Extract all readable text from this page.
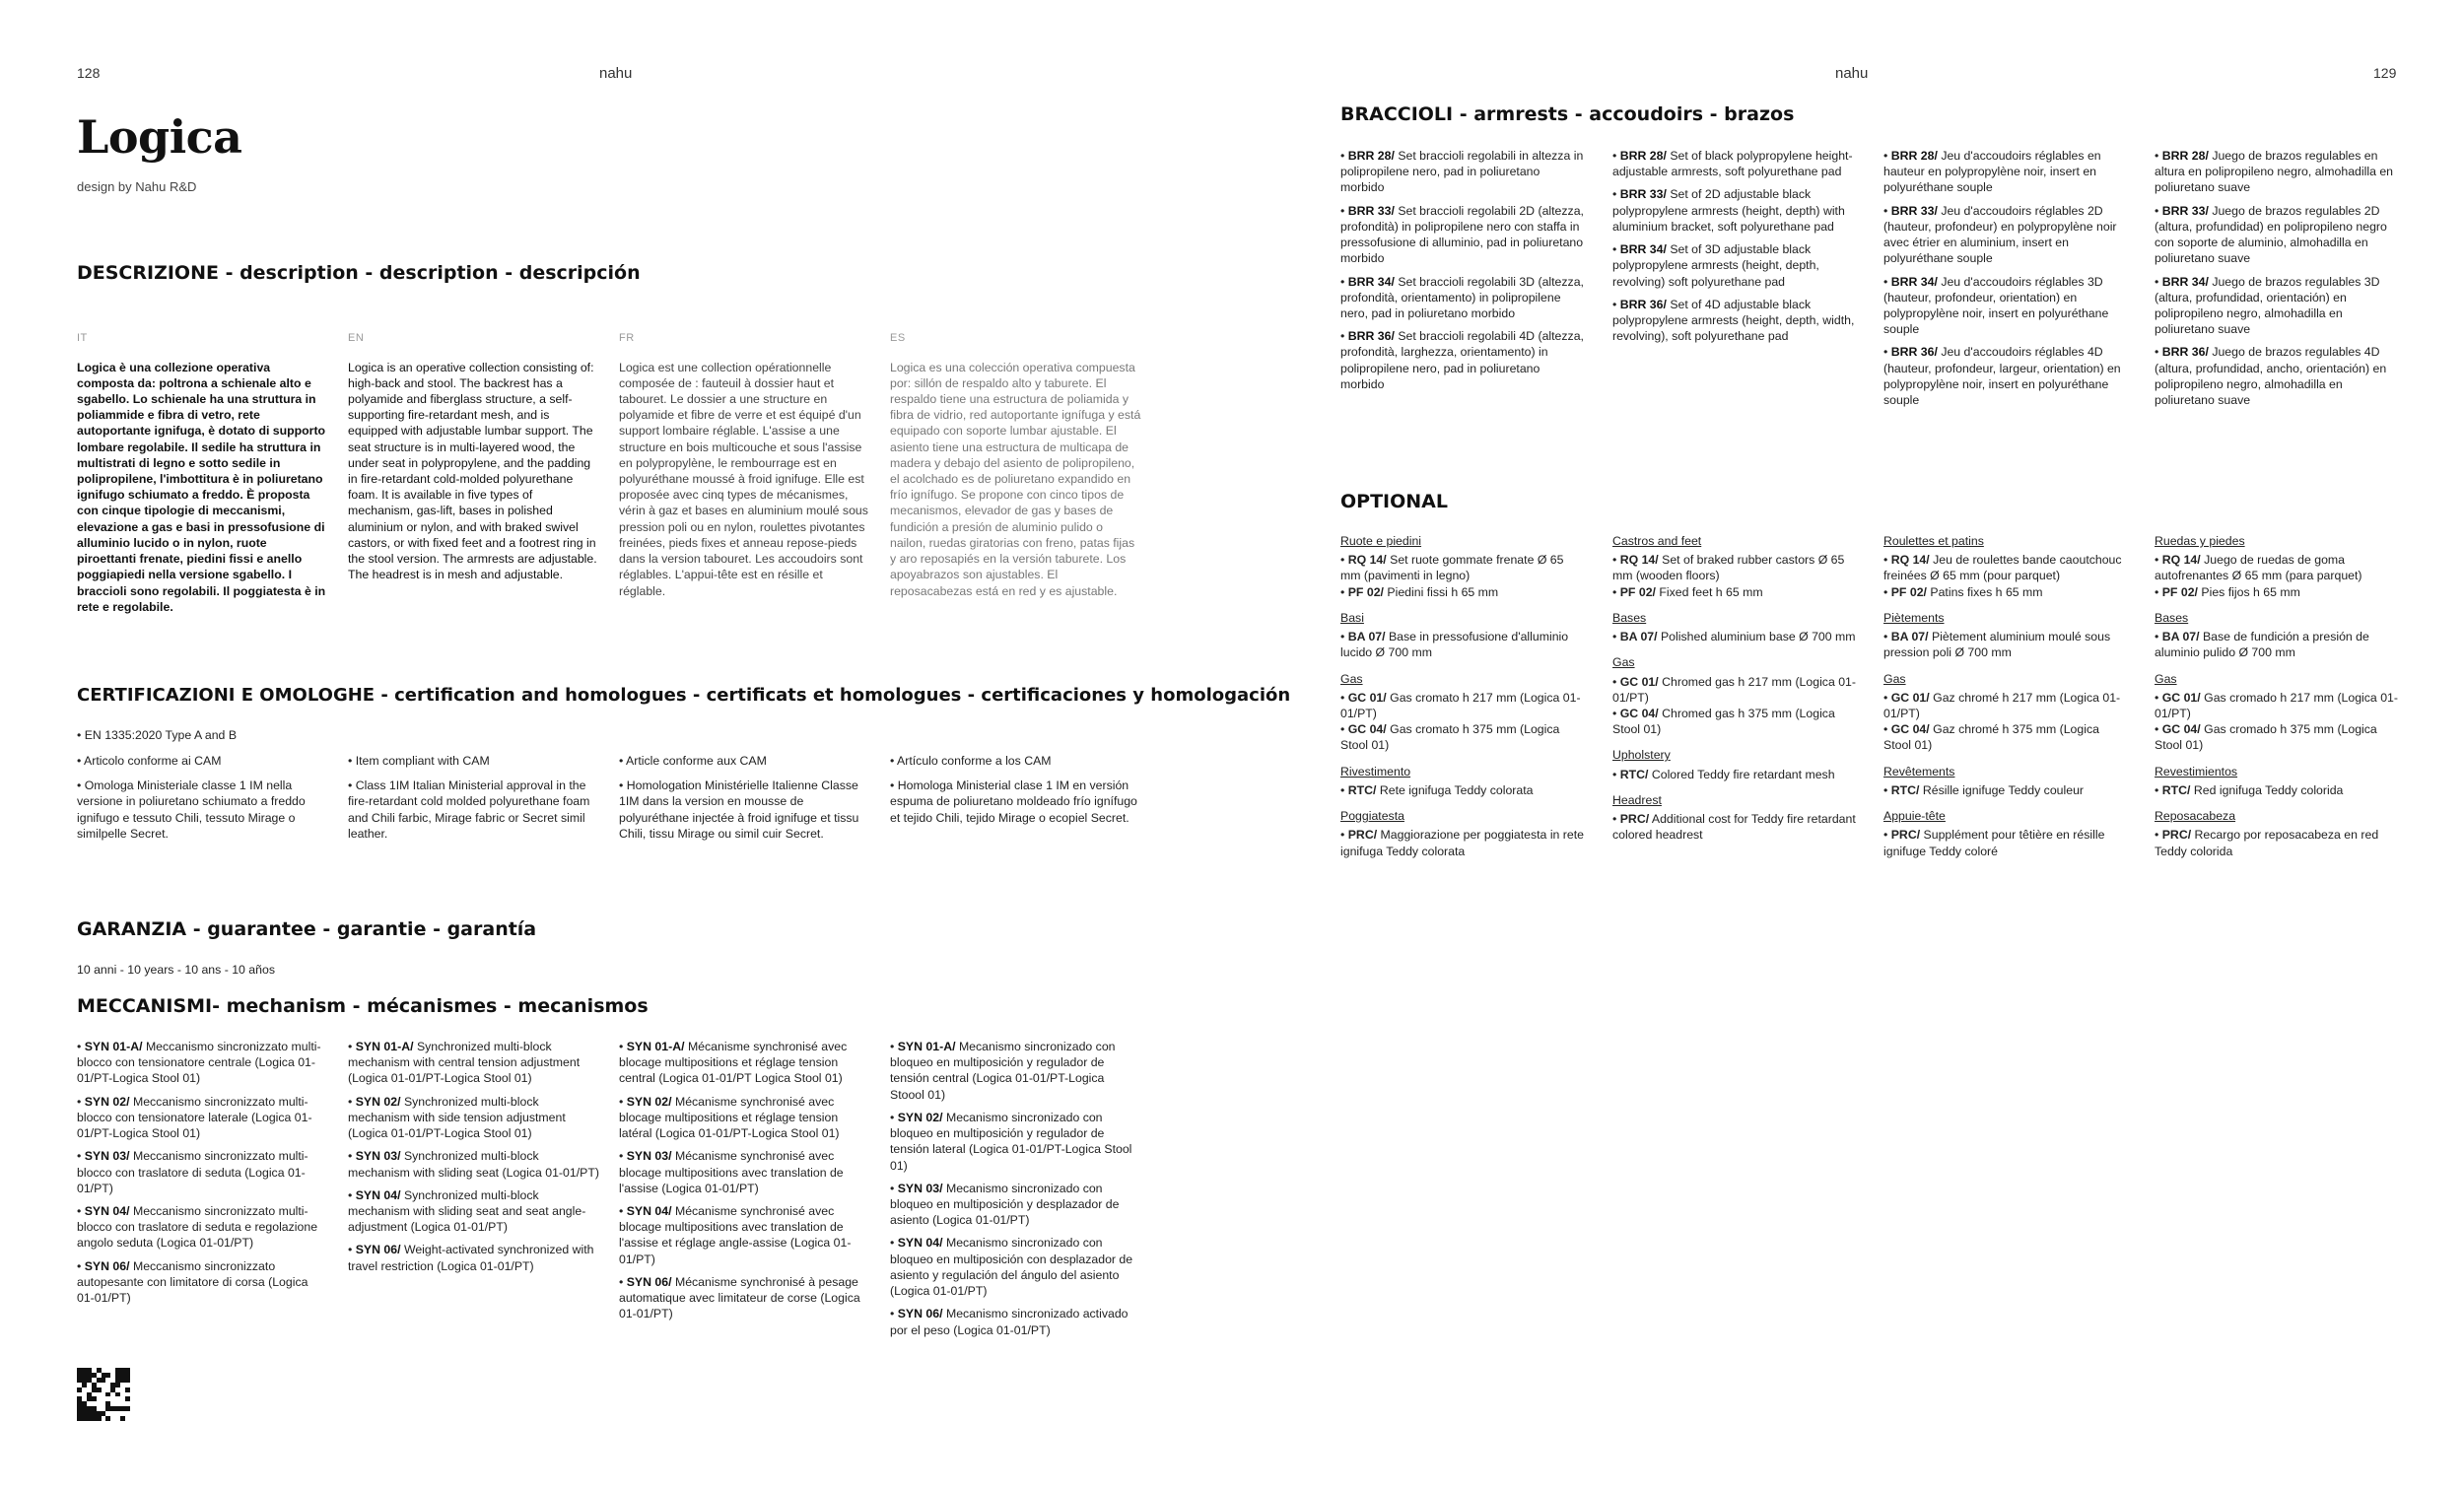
128	nahu	nahu	129
Logica
design by Nahu R&D
DESCRIZIONE - description - description - descripción
IT
Logica è una collezione operativa composta da: poltrona a schienale alto e sgabello. Lo schienale ha una struttura in poliammide e fibra di vetro, rete autoportante ignifuga, è dotato di supporto lombare regolabile. Il sedile ha struttura in multistrati di legno e sotto sedile in polipropilene, l'imbottitura è in poliuretano ignifugo schiumato a freddo. È proposta con cinque tipologie di meccanismi, elevazione a gas e basi in pressofusione di alluminio lucido o in nylon, ruote piroettanti frenate, piedini fissi e anello poggiapiedi nella versione sgabello. I braccioli sono regolabili. Il poggiatesta è in rete e regolabile.
EN
Logica is an operative collection consisting of: high-back and stool. The backrest has a polyamide and fiberglass structure, a self-supporting fire-retardant mesh, and is equipped with adjustable lumbar support. The seat structure is in multi-layered wood, the under seat in polypropylene, and the padding in fire-retardant cold-molded polyurethane foam. It is available in five types of mechanism, gas-lift, bases in polished aluminium or nylon, and with braked swivel castors, or with fixed feet and a footrest ring in the stool version. The armrests are adjustable. The headrest is in mesh and adjustable.
FR
Logica est une collection opérationnelle composée de : fauteuil à dossier haut et tabouret. Le dossier a une structure en polyamide et fibre de verre et est équipé d'un support lombaire réglable. L'assise a une structure en bois multicouche et sous l'assise en polypropylène, le rembourrage est en polyuréthane moussé à froid ignifuge. Elle est proposée avec cinq types de mécanismes, vérin à gaz et bases en aluminium moulé sous pression poli ou en nylon, roulettes pivotantes freinées, pieds fixes et anneau repose-pieds dans la version tabouret. Les accoudoirs sont réglables. L'appui-tête est en résille et réglable.
ES
Logica es una colección operativa compuesta por: sillón de respaldo alto y taburete. El respaldo tiene una estructura de poliamida y fibra de vidrio, red autoportante ignífuga y está equipado con soporte lumbar ajustable. El asiento tiene una estructura de multicapa de madera y debajo del asiento de polipropileno, el acolchado es de poliuretano expandido en frío ignífugo. Se propone con cinco tipos de mecanismos, elevador de gas y bases de fundición a presión de aluminio pulido o nailon, ruedas giratorias con freno, patas fijas y aro reposapiés en la versión taburete. Los apoyabrazos son ajustables. El reposacabezas está en red y es ajustable.
CERTIFICAZIONI E OMOLOGHE - certification and homologues - certificats et homologues - certificaciones y homologación
• EN 1335:2020 Type A and B

• Articolo conforme ai CAM

• Omologa Ministeriale classe 1 IM nella versione in poliuretano schiumato a freddo ignifugo e tessuto Chili, tessuto Mirage o similpelle Secret.

• Item compliant with CAM

• Class 1IM Italian Ministerial approval in the fire-retardant cold molded polyurethane foam and Chili farbic, Mirage fabric or Secret simil leather.

• Article conforme aux CAM

• Homologation Ministérielle Italienne Classe 1IM dans la version en mousse de polyuréthane injectée à froid ignifuge et tissu Chili, tissu Mirage ou simil cuir Secret.

• Artículo conforme a los CAM

• Homologa Ministerial clase 1 IM en versión espuma de poliuretano moldeado frío ignífugo et tejido Chili, tejido Mirage o ecopiel Secret.

GARANZIA - guarantee - garantie - garantía
10 anni - 10 years - 10 ans - 10 años
MECCANISMI- mechanism - mécanismes - mecanismos

• SYN 01-A/ Meccanismo sincronizzato multi-blocco con tensionatore centrale (Logica 01-01/PT-Logica Stool 01)

• SYN 02/ Meccanismo sincronizzato multi-blocco con tensionatore laterale (Logica 01-01/PT-Logica Stool 01)

• SYN 03/ Meccanismo sincronizzato multi-blocco con traslatore di seduta (Logica 01-01/PT)

• SYN 04/ Meccanismo sincronizzato multi-blocco con traslatore di seduta e regolazione angolo seduta (Logica 01-01/PT)

• SYN 06/ Meccanismo sincronizzato autopesante con limitatore di corsa (Logica 01-01/PT)

• SYN 01-A/ Synchronized multi-block mechanism with central tension adjustment (Logica 01-01/PT-Logica Stool 01)

• SYN 02/ Synchronized multi-block mechanism with side tension adjustment (Logica 01-01/PT-Logica Stool 01)

• SYN 03/ Synchronized multi-block mechanism with sliding seat (Logica 01-01/PT)

• SYN 04/ Synchronized multi-block mechanism with sliding seat and seat angle-adjustment (Logica 01-01/PT)

• SYN 06/ Weight-activated synchronized with travel restriction (Logica 01-01/PT)

• SYN 01-A/ Mécanisme synchronisé avec blocage multipositions et réglage tension central (Logica 01-01/PT Logica Stool 01)

• SYN 02/ Mécanisme synchronisé avec blocage multipositions et réglage tension latéral (Logica 01-01/PT-Logica Stool 01)

• SYN 03/ Mécanisme synchronisé avec blocage multipositions avec translation de l'assise (Logica 01-01/PT)

• SYN 04/ Mécanisme synchronisé avec blocage multipositions avec translation de l'assise et réglage angle-assise (Logica 01-01/PT)

• SYN 06/ Mécanisme synchronisé à pesage automatique avec limitateur de corse (Logica 01-01/PT)

• SYN 01-A/ Mecanismo sincronizado con bloqueo en multiposición y regulador de tensión central (Logica 01-01/PT-Logica Stoool 01)

• SYN 02/ Mecanismo sincronizado con bloqueo en multiposición y regulador de tensión lateral (Logica 01-01/PT-Logica Stool 01)

• SYN 03/ Mecanismo sincronizado con bloqueo en multiposición y desplazador de asiento (Logica 01-01/PT)

• SYN 04/ Mecanismo sincronizado con bloqueo en multiposición con desplazador de asiento y regulación del ángulo del asiento (Logica 01-01/PT)

• SYN 06/ Mecanismo sincronizado activado por el peso (Logica 01-01/PT)

BRACCIOLI - armrests - accoudoirs - brazos

• BRR 28/ Set braccioli regolabili in altezza in polipropilene nero, pad in poliuretano morbido

• BRR 33/ Set braccioli regolabili 2D (altezza, profondità) in polipropilene nero con staffa in pressofusione di alluminio, pad in poliuretano morbido

• BRR 34/ Set braccioli regolabili 3D (altezza, profondità, orientamento) in polipropilene nero, pad in poliuretano morbido

• BRR 36/ Set braccioli regolabili 4D (altezza, profondità, larghezza, orientamento) in polipropilene nero, pad in poliuretano morbido

• BRR 28/ Set of black polypropylene height-adjustable armrests, soft polyurethane pad

• BRR 33/ Set of 2D adjustable black polypropylene armrests (height, depth) with aluminium bracket, soft polyurethane pad

• BRR 34/ Set of 3D adjustable black polypropylene armrests (height, depth, revolving) soft polyurethane pad

• BRR 36/ Set of 4D adjustable black polypropylene armrests (height, depth, width, revolving), soft polyurethane pad

• BRR 28/ Jeu d'accoudoirs réglables en hauteur en polypropylène noir, insert en polyuréthane souple

• BRR 33/ Jeu d'accoudoirs réglables 2D (hauteur, profondeur) en polypropylène noir avec étrier en aluminium, insert en polyuréthane souple

• BRR 34/ Jeu d'accoudoirs réglables 3D (hauteur, profondeur, orientation) en polypropylène noir, insert en polyuréthane souple

• BRR 36/ Jeu d'accoudoirs réglables 4D (hauteur, profondeur, largeur, orientation) en polypropylène noir, insert en polyuréthane souple

• BRR 28/ Juego de brazos regulables en altura en polipropileno negro, almohadilla en poliuretano suave

• BRR 33/ Juego de brazos regulables 2D (altura, profundidad) en polipropileno negro con soporte de aluminio, almohadilla en poliuretano suave

• BRR 34/ Juego de brazos regulables 3D (altura, profundidad, orientación) en polipropileno negro, almohadilla en poliuretano suave

• BRR 36/ Juego de brazos regulables 4D (altura, profundidad, ancho, orientación) en polipropileno negro, almohadilla en poliuretano suave

OPTIONAL
Ruote e piedini

• RQ 14/ Set ruote gommate frenate Ø 65 mm (pavimenti in legno)

• PF 02/ Piedini fissi h 65 mm

Basi

• BA 07/ Base in pressofusione d'alluminio lucido Ø 700 mm

Gas

• GC 01/ Gas cromato h 217 mm (Logica 01-01/PT)

• GC 04/ Gas cromato h 375 mm (Logica Stool 01)

Rivestimento

• RTC/ Rete ignifuga Teddy colorata

Poggiatesta

• PRC/ Maggiorazione per poggiatesta in rete ignifuga Teddy colorata

Castros and feet

• RQ 14/ Set of braked rubber castors Ø 65 mm (wooden floors)

• PF 02/ Fixed feet h 65 mm

Bases

• BA 07/ Polished aluminium base Ø 700 mm

Gas

• GC 01/ Chromed gas h 217 mm (Logica 01-01/PT)

• GC 04/ Chromed gas h 375 mm (Logica Stool 01)

Upholstery

• RTC/ Colored Teddy fire retardant mesh

Headrest

• PRC/ Additional cost for Teddy fire retardant colored headrest

Roulettes et patins

• RQ 14/ Jeu de roulettes bande caoutchouc freinées Ø 65 mm (pour parquet)

• PF 02/ Patins fixes h 65 mm

Piètements

• BA 07/ Piètement aluminium moulé sous pression poli Ø 700 mm

Gas

• GC 01/ Gaz chromé h 217 mm (Logica 01-01/PT)

• GC 04/ Gaz chromé h 375 mm (Logica Stool 01)

Revêtements

• RTC/ Résille ignifuge Teddy couleur

Appuie-tête

• PRC/ Supplément pour têtière en résille ignifuge Teddy coloré

Ruedas y piedes

• RQ 14/ Juego de ruedas de goma autofrenantes Ø 65 mm (para parquet)

• PF 02/ Pies fijos h 65 mm

Bases

• BA 07/ Base de fundición a presión de aluminio pulido Ø 700 mm

Gas

• GC 01/ Gas cromado h 217 mm (Logica 01-01/PT)

• GC 04/ Gas cromado h 375 mm (Logica Stool 01)

Revestimientos

• RTC/ Red ignifuga Teddy colorida

Reposacabeza

• PRC/ Recargo por reposacabeza en red Teddy colorida
